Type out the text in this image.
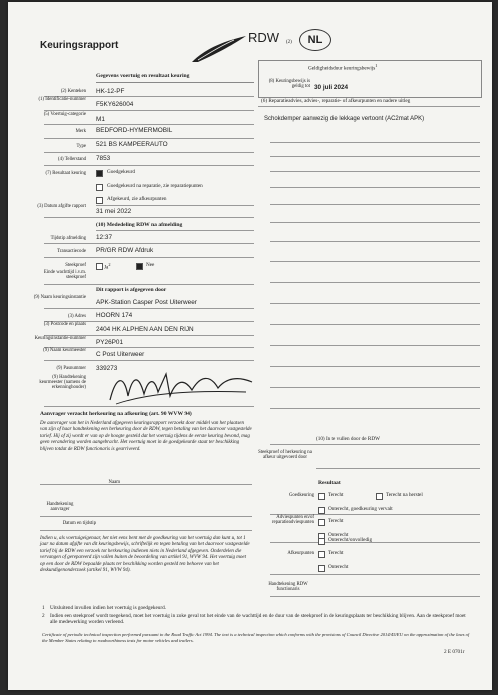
Keuringsrapport
RDW (2)	NL
Gegevens voertuig en resultaat keuring
Geldigheidsduur keuringsbewijs$^1$
(8) Keuringsbewijs is geldig tot 30 juli 2024
(2) Kenteken HK-12-PF
(1) Identificatie-nummer
F5KY626004
(5) Voertuig-categorie
M1
Merk BEDFORD-HYMERMOBIL
Type 521 BS KAMPEERAUTO
(4) Tellerstand 7853
(7) Resultaat keuring	Goedgekeurd
Goedgekeurd na reparatie, zie reparatiepunten
Afgekeurd, zie afkeurpunten
(3) Datum afgifte rapport
31 mei 2022
(6) Reparatieadvies, advies-, reparatie- of afkeurpunten en nadere uitleg
Schokdemper aanwezig die lekkage vertoont (AC2mat APK)
(10) Mededeling RDW na afmelding
Tijdstip afmelding 12:37
Transactiecode PR/GR RDW Afdruk
Steekproef	Ja$^2$	Nee
Einde wachttijd i.v.m. steekproef
Dit rapport is afgegeven door
(9) Naam keuringsinstantie
APK-Station Casper Post Uiterweer
(3) Adres HOORN 174
(3) Postcode en plaats
2404 HK ALPHEN AAN DEN RIJN
Keuringsinstantie-nummer
PY26P01
(9) Naam keurmeester
C Post Uiterweer
(9) Pasnummer 339273
(9) Handtekening keurmeester (namens de erkenninghouder)
Aanvrager verzocht herkeuring na afkeuring (art. 90 WVW 94)
De aanvrager van het in Nederland afgegeven keuringsrapport verzoekt door middel van het plaatsen van zijn of haar handtekening een herkeuring door de RDW, tegen betaling van het daarvoor vastgestelde tarief. Hij of zij wordt er van op de hoogte gesteld dat het voertuig tijdens de eerste keuring bevond, mag geen verandering worden aangebracht. Het voertuig moet in de goedgekeurde staat ter beschikking blijven totdat de RDW functionaris is gearriveerd.
Naam
Handtekening aanvrager
Datum en tijdstip
Indien u, als voertuigeigenaar, het niet eens bent met de goedkeuring van het voertuig dan kunt u, tot 1 jaar na datum afgifte van dit keuringsbewijs, schriftelijk en tegen betaling van het daarvoor vastgestelde tarief bij de RDW een verzoek tot herkeuring indienen niets in Nederland afgegeven. Onderdelen die vervangen of gerepareerd zijn vallen buiten de beoordeling van artikel 91, WVW 94. Het voertuig moet op een door de RDW bepaalde plaats ter beschikking worden gesteld ten behoeve van het deskundigenonderzoek (artikel 91, WVW 94).
(10) In te vullen door de RDW
Steekproef of herkeuring na afkeur uitgevoerd door
Resultaat
Goedkeuring	Terecht	Terecht na herstel
Onterecht, goedkeuring vervalt
Adviespunten en/of reparatieadviespunten	Terecht
Onterecht
Afkeurpunten
Onterecht/onvolledig
Terecht
Onterecht
Handtekening RDW functionaris
1 Uitsluitend invullen indien het voertuig is goedgekeurd.
2 Indien een steekproef wordt toegekend, moet het voertuig in zoke geval tot het einde van de wachttijd en de duur van de steekproef in de keuringsplaats ter beschikking blijven. Aan de steekproef moet alle medewerking worden verleend.
Certificate of periodic technical inspection performed pursuant to the Road Traffic Act 1994. The text is a technical inspection which conforms with the provisions of Council Directive 2014/45/EU on the approximation of the laws of the Member States relating to roadworthiness tests for motor vehicles and trailers.
2 E 0701r
